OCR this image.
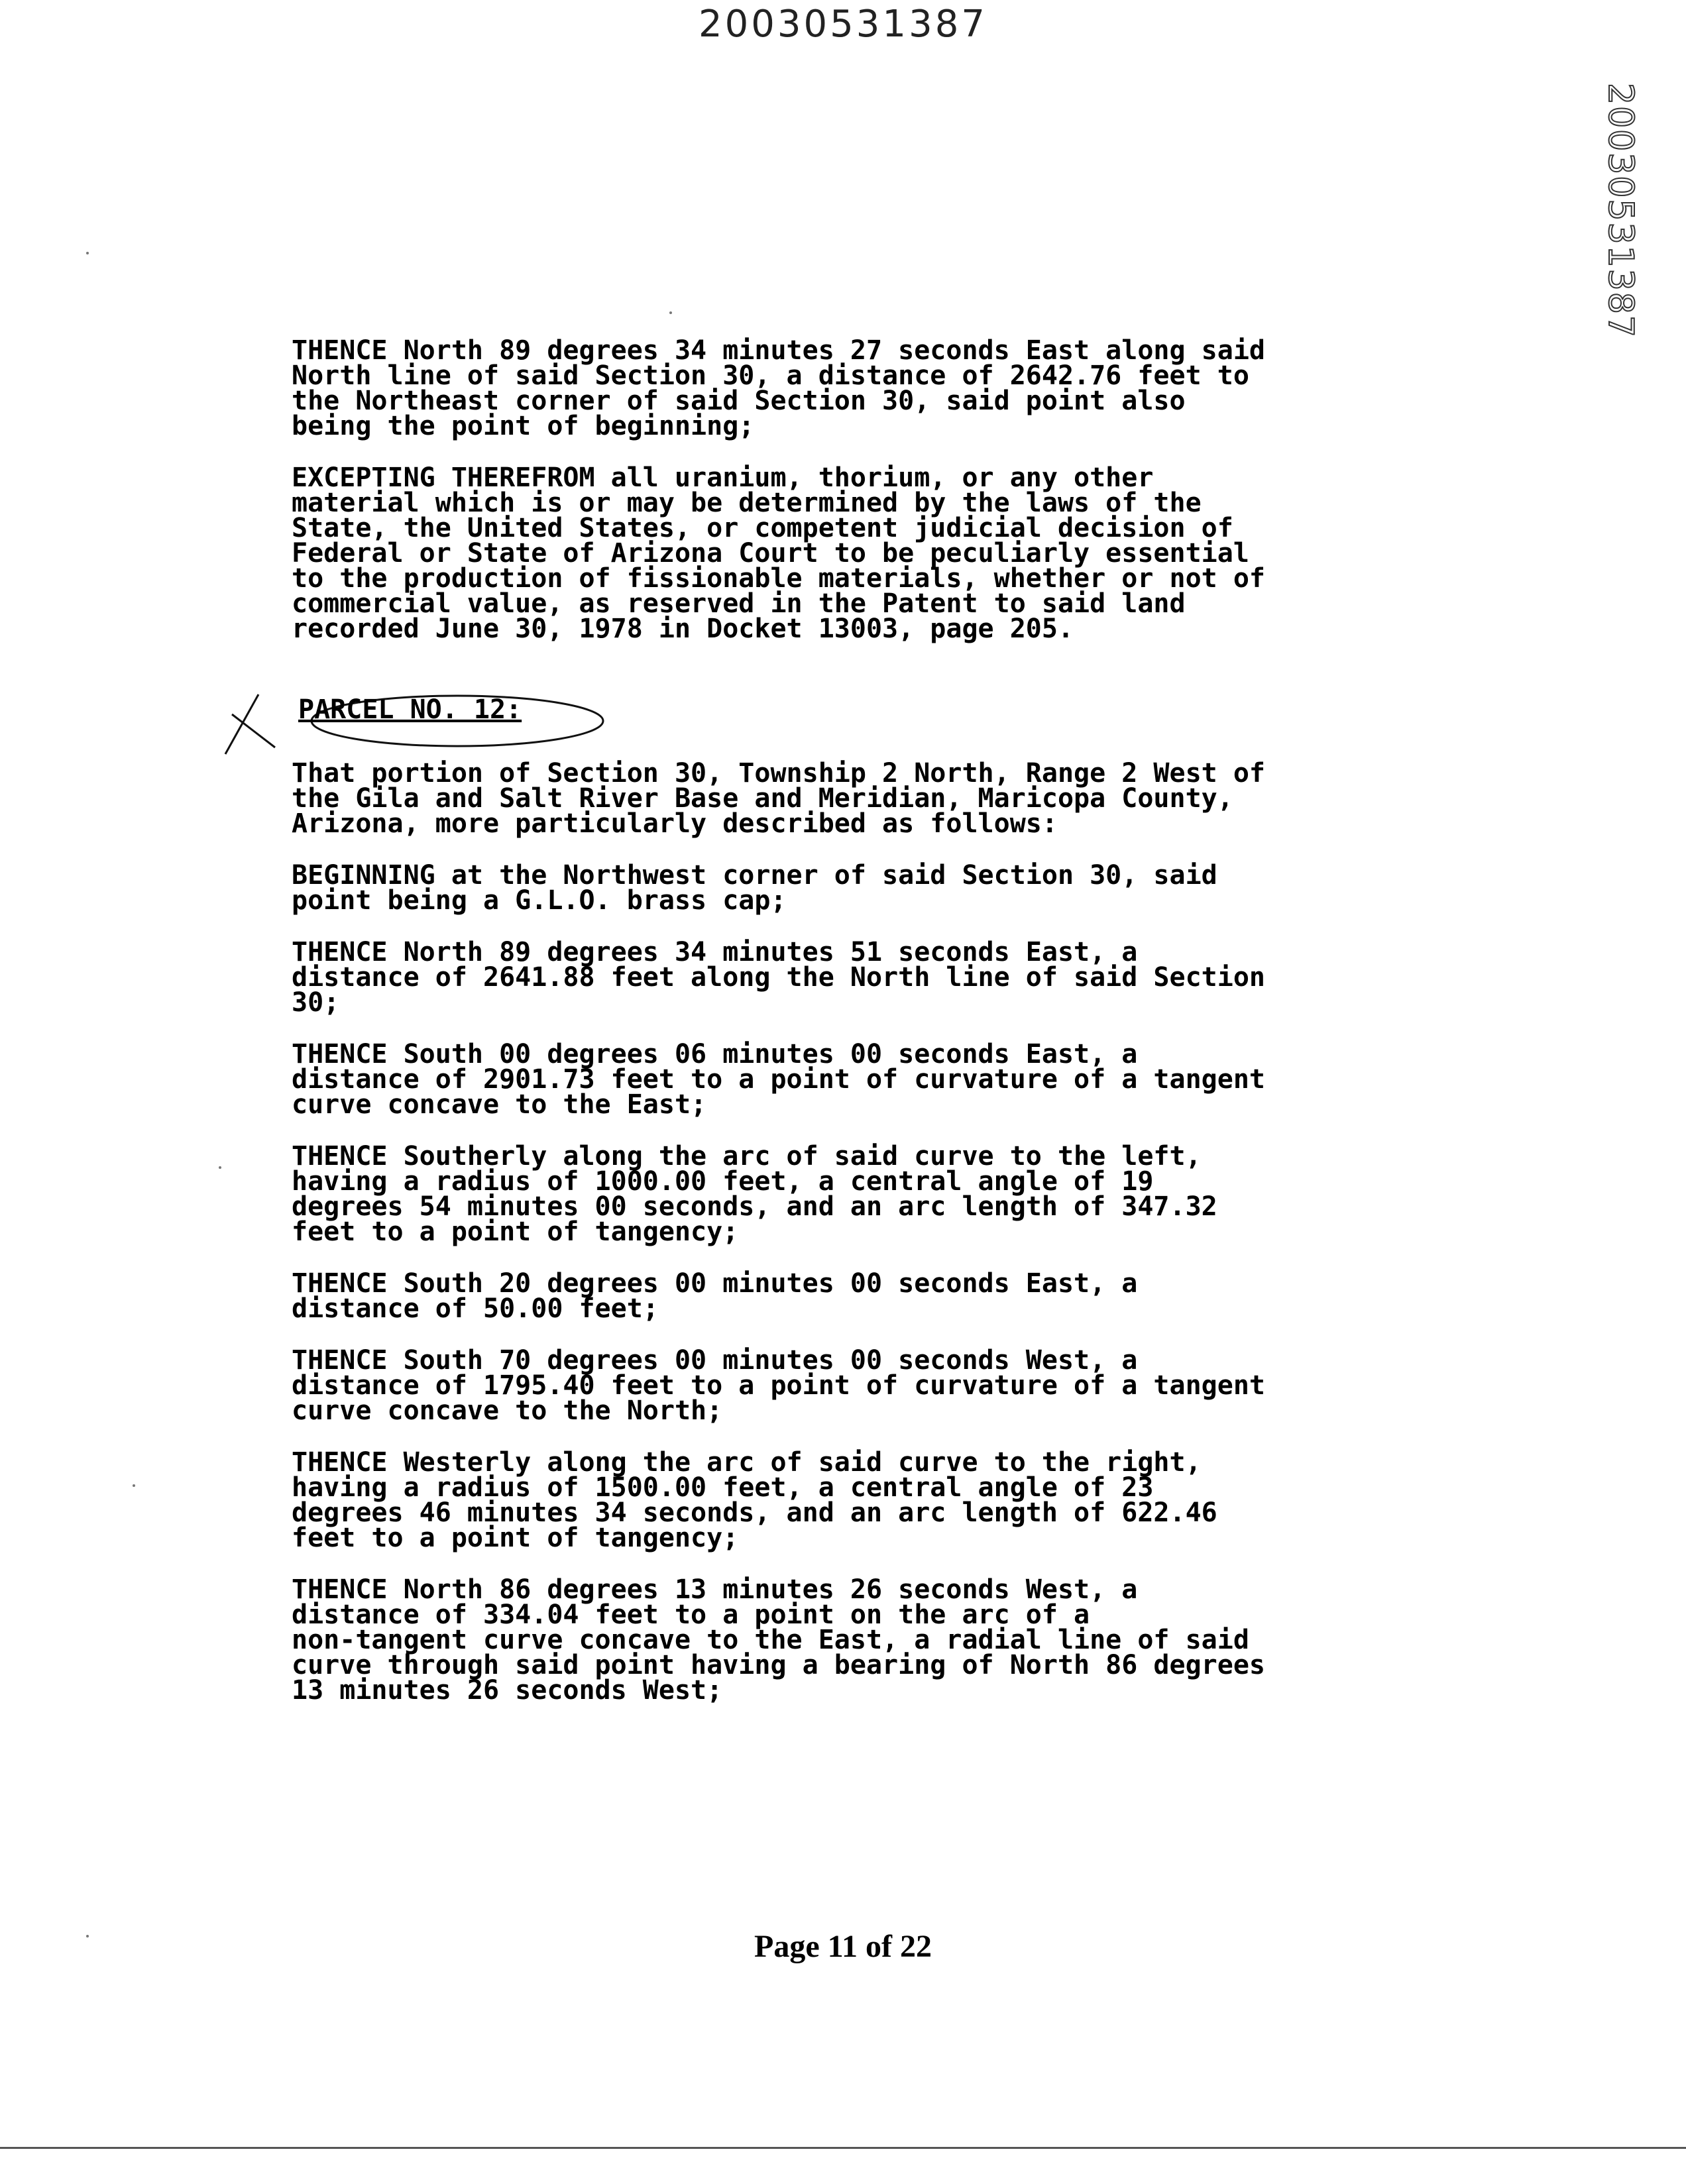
20030531387
20030531387

THENCE North 89 degrees 34 minutes 27 seconds East along said
North line of said Section 30, a distance of 2642.76 feet to
the Northeast corner of said Section 30, said point also
being the point of beginning;

EXCEPTING THEREFROM all uranium, thorium, or any other
material which is or may be determined by the laws of the
State, the United States, or competent judicial decision of
Federal or State of Arizona Court to be peculiarly essential
to the production of fissionable materials, whether or not of
commercial value, as reserved in the Patent to said land
recorded June 30, 1978 in Docket 13003, page 205.

PARCEL NO. 12:

That portion of Section 30, Township 2 North, Range 2 West of
the Gila and Salt River Base and Meridian, Maricopa County,
Arizona, more particularly described as follows:

BEGINNING at the Northwest corner of said Section 30, said
point being a G.L.O. brass cap;

THENCE North 89 degrees 34 minutes 51 seconds East, a
distance of 2641.88 feet along the North line of said Section
30;

THENCE South 00 degrees 06 minutes 00 seconds East, a
distance of 2901.73 feet to a point of curvature of a tangent
curve concave to the East;

THENCE Southerly along the arc of said curve to the left,
having a radius of 1000.00 feet, a central angle of 19
degrees 54 minutes 00 seconds, and an arc length of 347.32
feet to a point of tangency;

THENCE South 20 degrees 00 minutes 00 seconds East, a
distance of 50.00 feet;

THENCE South 70 degrees 00 minutes 00 seconds West, a
distance of 1795.40 feet to a point of curvature of a tangent
curve concave to the North;

THENCE Westerly along the arc of said curve to the right,
having a radius of 1500.00 feet, a central angle of 23
degrees 46 minutes 34 seconds, and an arc length of 622.46
feet to a point of tangency;

THENCE North 86 degrees 13 minutes 26 seconds West, a
distance of 334.04 feet to a point on the arc of a
non-tangent curve concave to the East, a radial line of said
curve through said point having a bearing of North 86 degrees
13 minutes 26 seconds West;

Page 11 of 22
